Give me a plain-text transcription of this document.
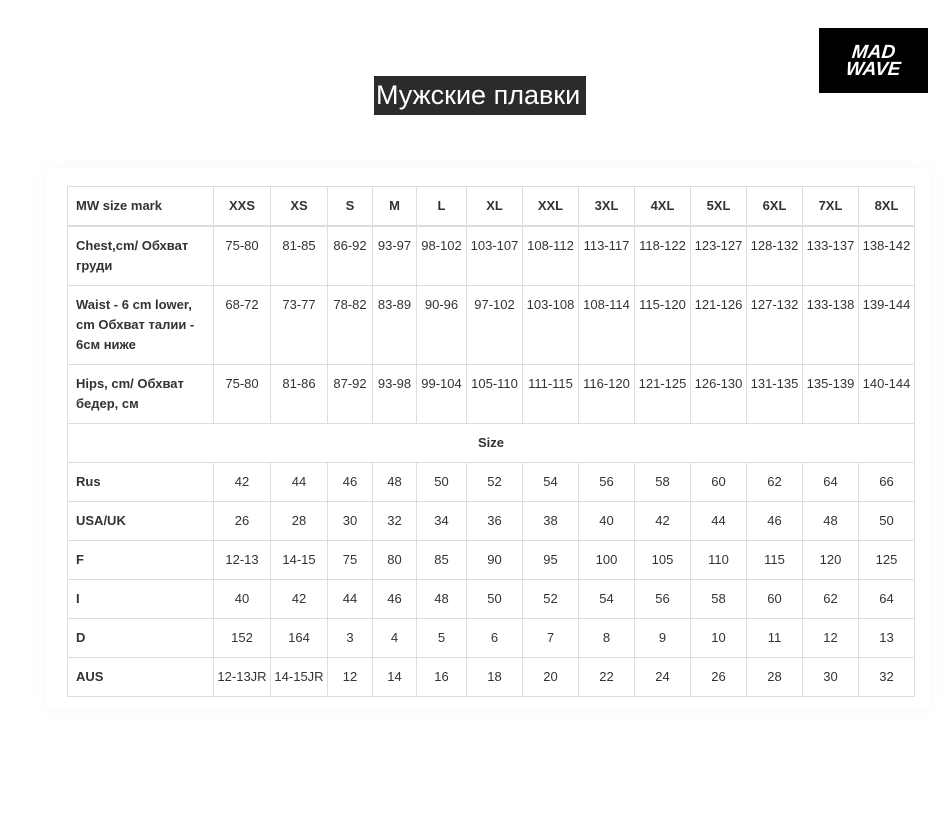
MAD
WAVE
Мужские плавки
MW size mark	XXS	XS	S	M	L	XL	XXL	3XL	4XL	5XL	6XL	7XL	8XL
Chest,cm/ Обхват груди	75-80	81-85	86-92	93-97	98-102	103-107	108-112	113-117	118-122	123-127	128-132	133-137	138-142
Waist - 6 cm lower, cm Обхват талии - 6см ниже	68-72	73-77	78-82	83-89	90-96	97-102	103-108	108-114	115-120	121-126	127-132	133-138	139-144
Hips, cm/ Обхват бедер, см	75-80	81-86	87-92	93-98	99-104	105-110	111-115	116-120	121-125	126-130	131-135	135-139	140-144
Size													
Rus	42	44	46	48	50	52	54	56	58	60	62	64	66
USA/UK	26	28	30	32	34	36	38	40	42	44	46	48	50
F	12-13	14-15	75	80	85	90	95	100	105	110	115	120	125
I	40	42	44	46	48	50	52	54	56	58	60	62	64
D	152	164	3	4	5	6	7	8	9	10	11	12	13
AUS	12-13JR	14-15JR	12	14	16	18	20	22	24	26	28	30	32
